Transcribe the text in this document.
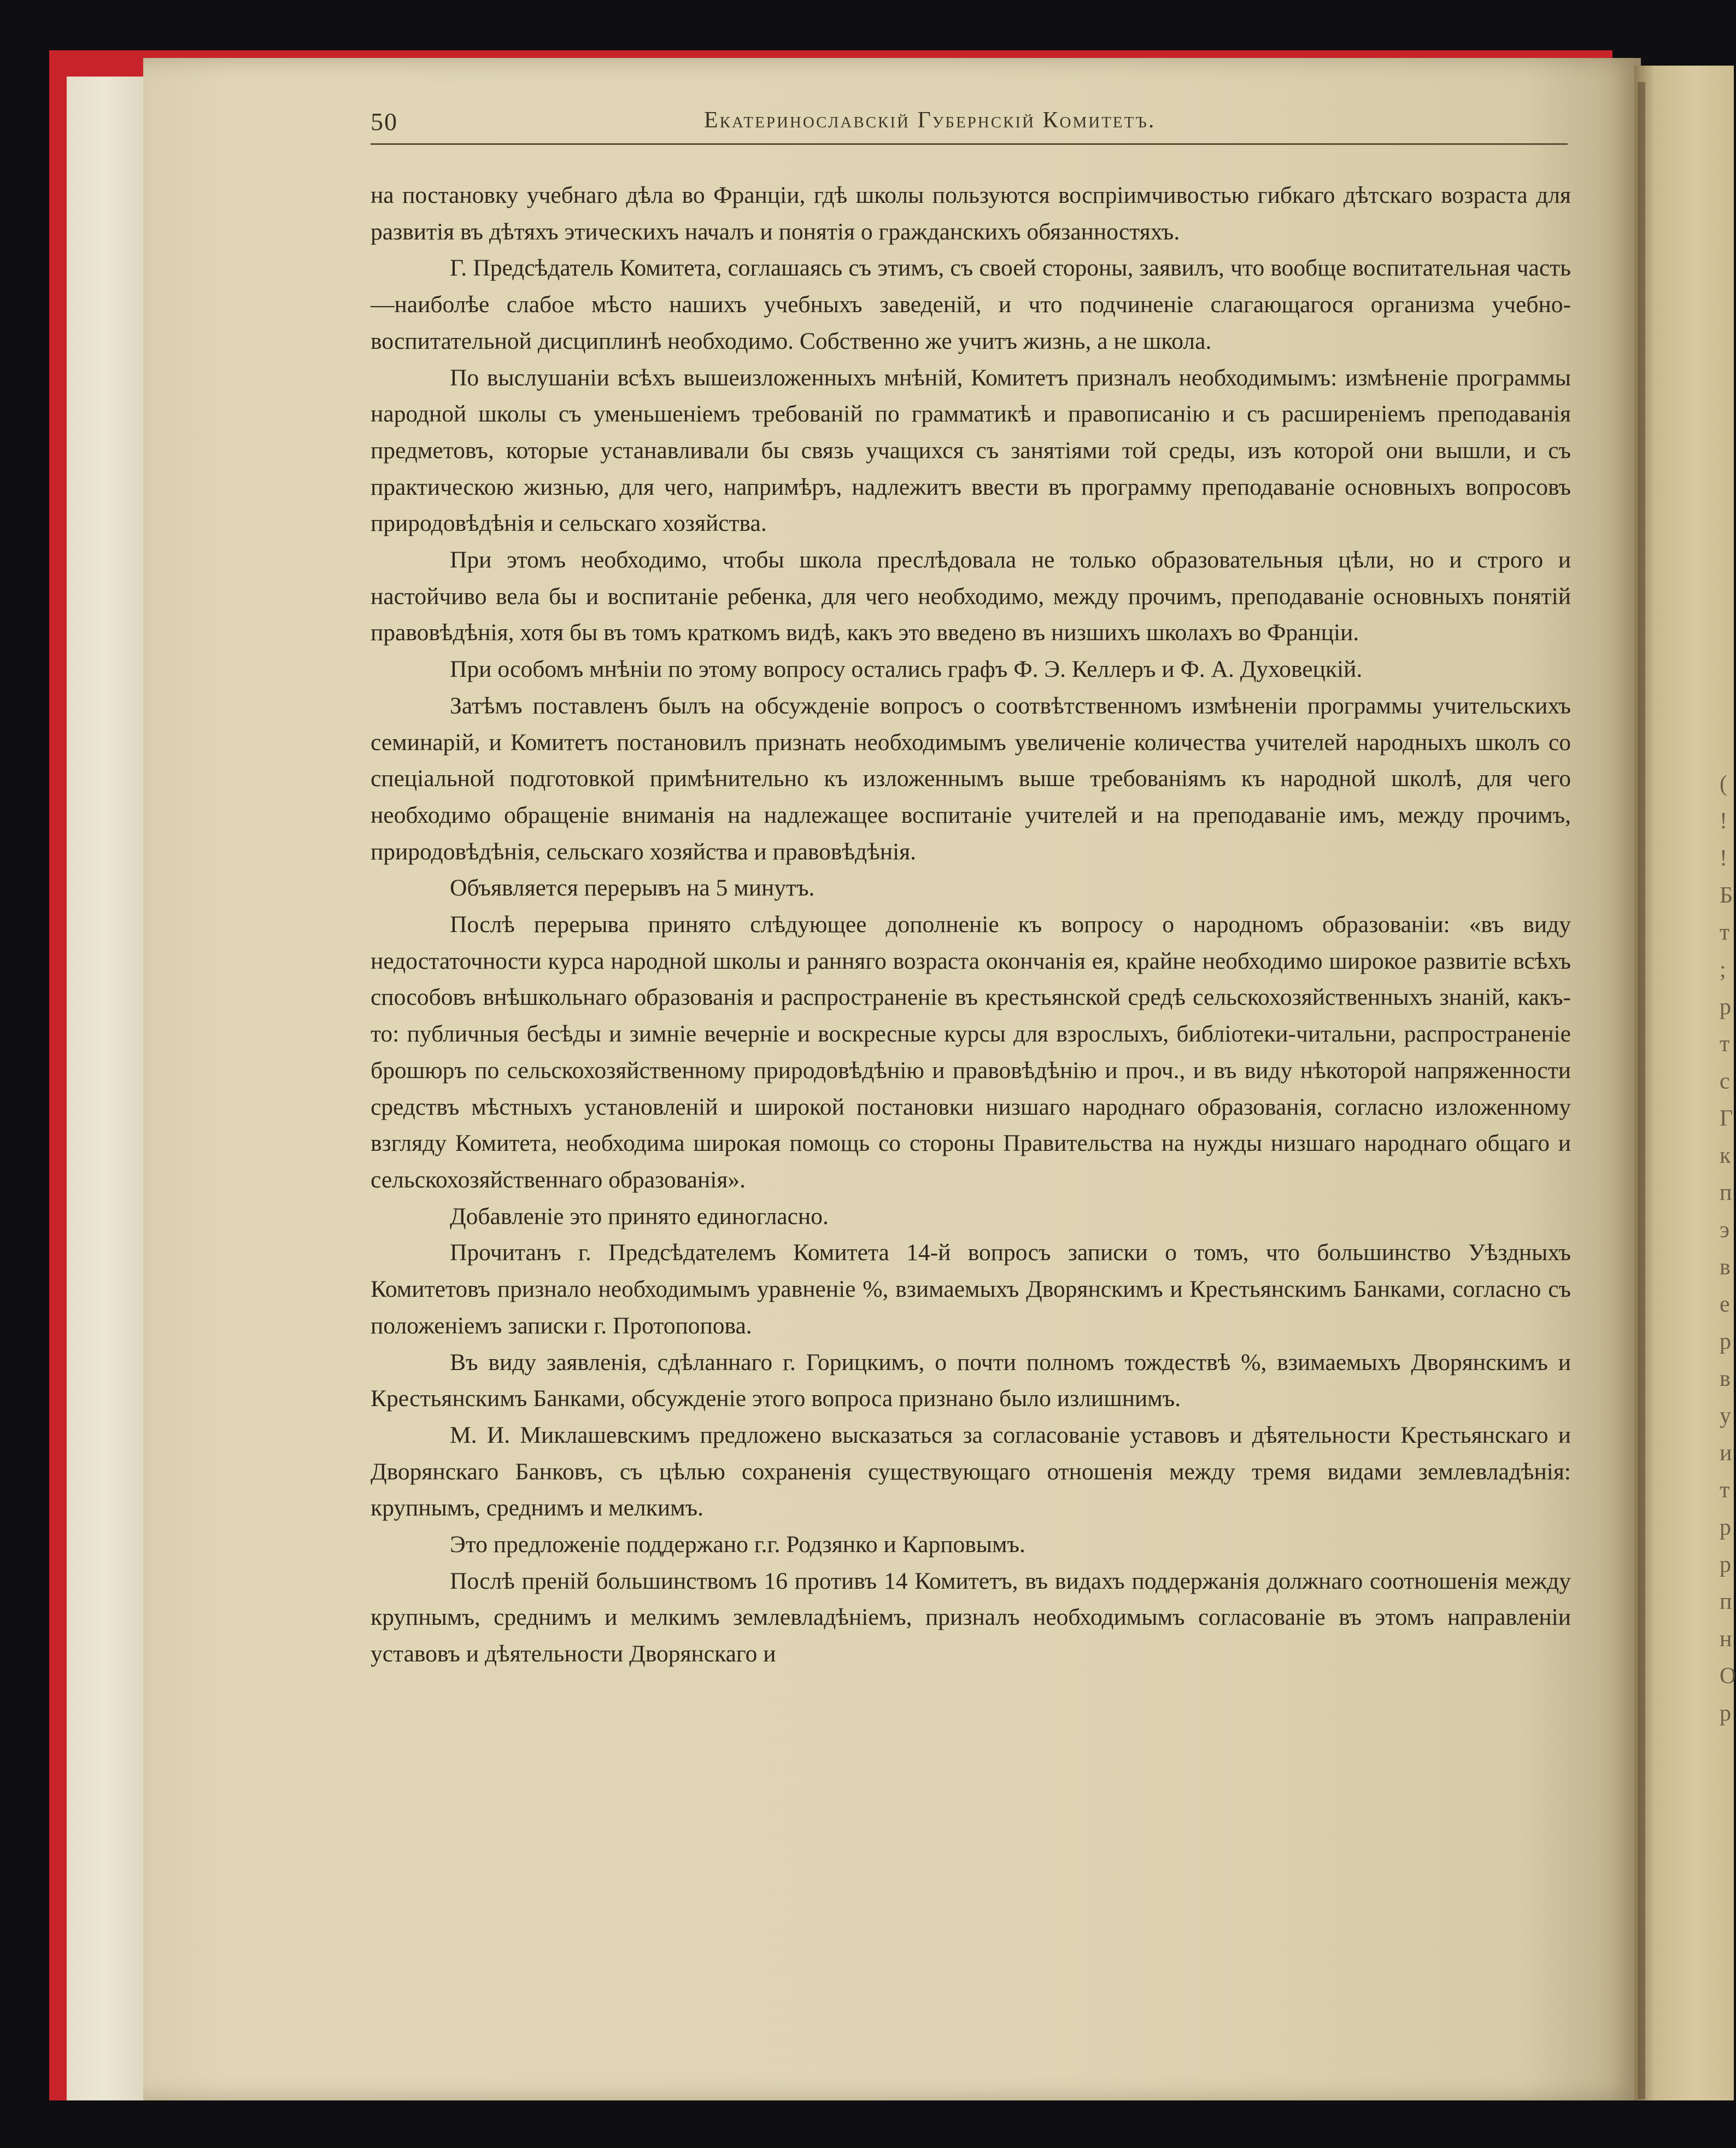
(
!
!
Б
т
;
р
т
с
Г
к
п
э
в
е
р
в
у
и
т
р
р
п
н
О
р
50	Екатеринославскій Губернскій Комитетъ.

на постановку учебнаго дѣла во Франціи, гдѣ школы пользуются воспріимчивостью гибкаго дѣтскаго возраста для развитія въ дѣтяхъ этическихъ началъ и понятія о гражданскихъ обязанностяхъ.

Г. Предсѣдатель Комитета, соглашаясь съ этимъ, съ своей стороны, заявилъ, что вообще воспитательная часть—наиболѣе слабое мѣсто нашихъ учебныхъ заведеній, и что подчиненіе слагающагося организма учебно-воспитательной дисциплинѣ необходимо. Собственно же учитъ жизнь, а не школа.

По выслушаніи всѣхъ вышеизложенныхъ мнѣній, Комитетъ призналъ необходимымъ: измѣненіе программы народной школы съ уменьшеніемъ требованій по грамматикѣ и правописанію и съ расширеніемъ преподаванія предметовъ, которые устанавливали бы связь учащихся съ занятіями той среды, изъ которой они вышли, и съ практическою жизнью, для чего, напримѣръ, надлежитъ ввести въ программу преподаваніе основныхъ вопросовъ природовѣдѣнія и сельскаго хозяйства.

При этомъ необходимо, чтобы школа преслѣдовала не только образовательныя цѣли, но и строго и настойчиво вела бы и воспитаніе ребенка, для чего необходимо, между прочимъ, преподаваніе основныхъ понятій правовѣдѣнія, хотя бы въ томъ краткомъ видѣ, какъ это введено въ низшихъ школахъ во Франціи.

При особомъ мнѣніи по этому вопросу остались графъ Ф. Э. Келлеръ и Ф. А. Духовецкій.

Затѣмъ поставленъ былъ на обсужденіе вопросъ о соотвѣтственномъ измѣненіи программы учительскихъ семинарій, и Комитетъ постановилъ признать необходимымъ увеличеніе количества учителей народныхъ школъ со спеціальной подготовкой примѣнительно къ изложеннымъ выше требованіямъ къ народной школѣ, для чего необходимо обращеніе вниманія на надлежащее воспитаніе учителей и на преподаваніе имъ, между прочимъ, природовѣдѣнія, сельскаго хозяйства и правовѣдѣнія.

Объявляется перерывъ на 5 минутъ.

Послѣ перерыва принято слѣдующее дополненіе къ вопросу о народномъ образованіи: «въ виду недостаточности курса народной школы и ранняго возраста окончанія ея, крайне необходимо широкое развитіе всѣхъ способовъ внѣшкольнаго образованія и распространеніе въ крестьянской средѣ сельскохозяйственныхъ знаній, какъ-то: публичныя бесѣды и зимніе вечерніе и воскресные курсы для взрослыхъ, библіотеки-читальни, распространеніе брошюръ по сельскохозяйственному природовѣдѣнію и правовѣдѣнію и проч., и въ виду нѣкоторой напряженности средствъ мѣстныхъ установленій и широкой постановки низшаго народнаго образованія, согласно изложенному взгляду Комитета, необходима широкая помощь со стороны Правительства на нужды низшаго народнаго общаго и сельскохозяйственнаго образованія».

Добавленіе это принято единогласно.

Прочитанъ г. Предсѣдателемъ Комитета 14-й вопросъ записки о томъ, что большинство Уѣздныхъ Комитетовъ признало необходимымъ уравненіе %, взимаемыхъ Дворянскимъ и Крестьянскимъ Банками, согласно съ положеніемъ записки г. Протопопова.

Въ виду заявленія, сдѣланнаго г. Горицкимъ, о почти полномъ тождествѣ %, взимаемыхъ Дворянскимъ и Крестьянскимъ Банками, обсужденіе этого вопроса признано было излишнимъ.

М. И. Миклашевскимъ предложено высказаться за согласованіе уставовъ и дѣятельности Крестьянскаго и Дворянскаго Банковъ, съ цѣлью сохраненія существующаго отношенія между тремя видами землевладѣнія: крупнымъ, среднимъ и мелкимъ.

Это предложеніе поддержано г.г. Родзянко и Карповымъ.

Послѣ преній большинствомъ 16 противъ 14 Комитетъ, въ видахъ поддержанія должнаго соотношенія между крупнымъ, среднимъ и мелкимъ землевладѣніемъ, призналъ необходимымъ согласованіе въ этомъ направленіи уставовъ и дѣятельности Дворянскаго и
